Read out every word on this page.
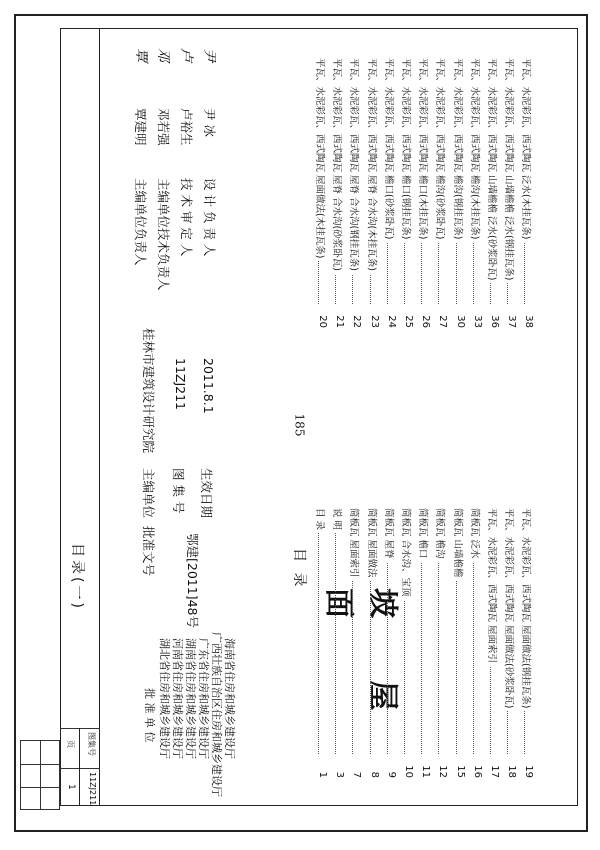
目录(一)
图集号
11ZJ211
页
1
坡 屋 面
批 准 单 位 湖北省住房和城乡建设厅 河南省住房和城乡建设厅 湖南省住房和城乡建设厅 广东省住房和城乡建设厅 广西壮族自治区住房和城乡建设厅 海南省住房和城乡建设厅
批准文号 鄂建[2011]48号
主编单位
桂林市建筑设计研究院
图 集 号
11ZJ211
生效日期
2011.8.1
主编单位负责人
覃建明
主编单位技术负责人
邓若强
技 术 审 定 人
卢裕生
设 计 负 责 人
尹 冰
覃 邓 卢 尹
目 录
目 录
1
说 明
3
简板瓦 屋面索引
7
简板瓦 屋面做法
8
简板瓦 屋脊
9
简板瓦 合水沟、宝顶
10
简板瓦 檐口
11
简板瓦 檐沟
12
简板瓦 山墙檐檐
15
简板瓦 泛水
16
平瓦、水泥彩瓦、西式陶瓦 屋面索引
17
平瓦、水泥彩瓦、西式陶瓦 屋面做法(砂浆卧瓦)
18
平瓦、水泥彩瓦、西式陶瓦 屋面做法(钢挂瓦条)
19
平瓦、水泥彩瓦、西式陶瓦 屋面做法(木挂瓦条)
20
平瓦、水泥彩瓦、西式陶瓦 屋脊 合水沟(砂浆卧瓦)
21
平瓦、水泥彩瓦、西式陶瓦 屋脊 合水沟(钢挂瓦条)
22
平瓦、水泥彩瓦、西式陶瓦 屋脊 合水沟(木挂瓦条)
23
平瓦、水泥彩瓦、西式陶瓦 檐口(砂浆卧瓦)
24
平瓦、水泥彩瓦、西式陶瓦 檐口(钢挂瓦条)
25
平瓦、水泥彩瓦、西式陶瓦 檐口(木挂瓦条)
26
平瓦、水泥彩瓦、西式陶瓦 檐沟(砂浆卧瓦)
27
平瓦、水泥彩瓦、西式陶瓦 檐沟(钢挂瓦条)
30
平瓦、水泥彩瓦、西式陶瓦 檐沟(木挂瓦条)
33
平瓦、水泥彩瓦、西式陶瓦 山墙檐檐 泛水(砂浆卧瓦)
36
平瓦、水泥彩瓦、西式陶瓦 山墙檐檐 泛水(钢挂瓦条)
37
平瓦、水泥彩瓦、西式陶瓦 泛水(木挂瓦条)
38
185
